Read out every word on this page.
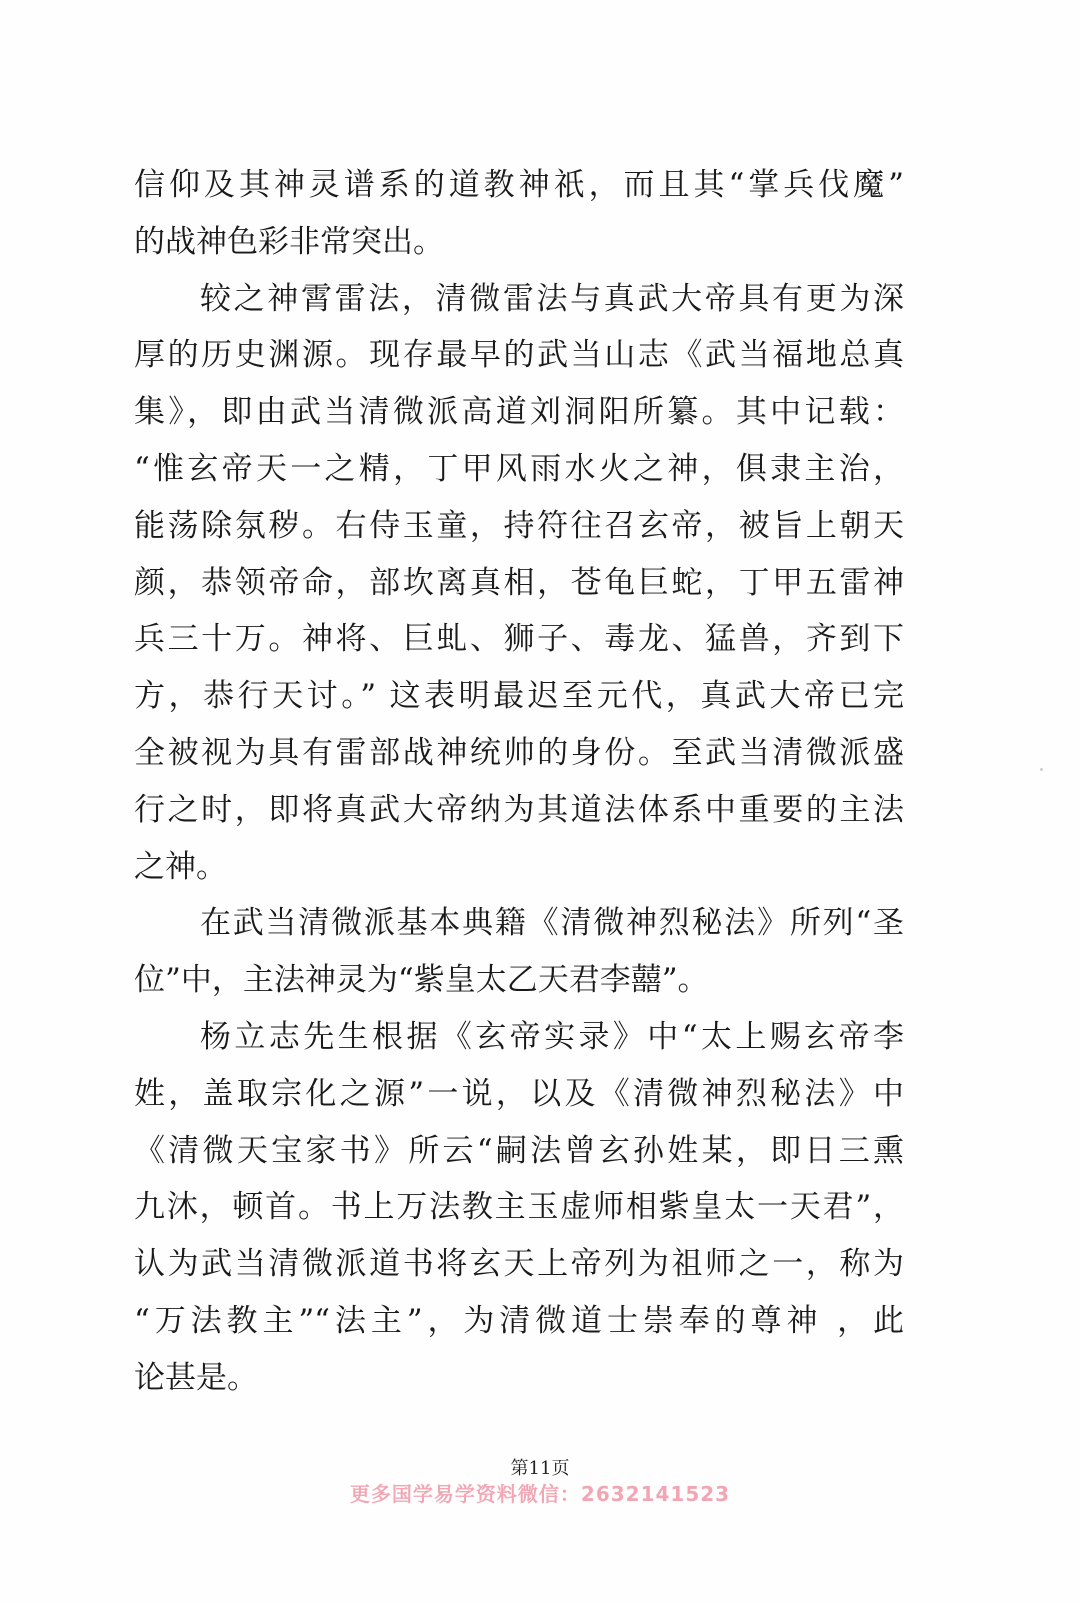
信仰及其神灵谱系的道教神祇，而且其“掌兵伐魔”
的战神色彩非常突出。
较之神霄雷法，清微雷法与真武大帝具有更为深
厚的历史渊源。现存最早的武当山志《武当福地总真
集》，即由武当清微派高道刘洞阳所纂。其中记载：
“惟玄帝天一之精，丁甲风雨水火之神，俱隶主治，
能荡除氛秽。右侍玉童，持符往召玄帝，被旨上朝天
颜，恭领帝命，部坎离真相，苍龟巨蛇，丁甲五雷神
兵三十万。神将、巨虬、狮子、毒龙、猛兽，齐到下
方，恭行天讨。” 这表明最迟至元代，真武大帝已完
全被视为具有雷部战神统帅的身份。至武当清微派盛
行之时，即将真武大帝纳为其道法体系中重要的主法
之神。
在武当清微派基本典籍《清微神烈秘法》所列“圣
位”中，主法神灵为“紫皇太乙天君李囍”。
杨立志先生根据《玄帝实录》中“太上赐玄帝李
姓，盖取宗化之源”一说，以及《清微神烈秘法》中
《清微天宝家书》所云“嗣法曾玄孙姓某，即日三熏
九沐，顿首。书上万法教主玉虚师相紫皇太一天君”，
认为武当清微派道书将玄天上帝列为祖师之一，称为
“万法教主”“法主”，为清微道士崇奉的尊神 ，此
论甚是。
第11页
更多国学易学资料微信：2632141523
